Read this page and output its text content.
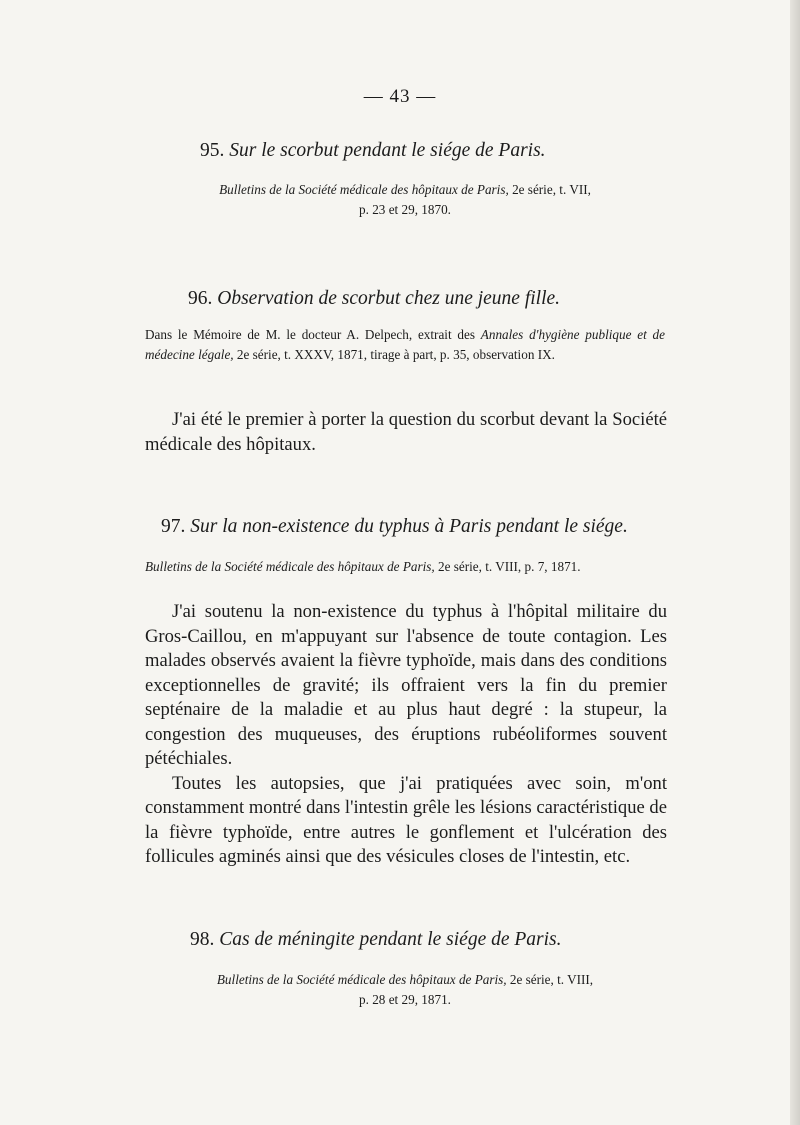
— 43 —

95. Sur le scorbut pendant le siége de Paris.

Bulletins de la Société médicale des hôpitaux de Paris, 2e série, t. VII,
p. 23 et 29, 1870.

96. Observation de scorbut chez une jeune fille.

Dans le Mémoire de M. le docteur A. Delpech, extrait des Annales d'hygiène publique et de médecine légale, 2e série, t. XXXV, 1871, tirage à part, p. 35, observation IX.

J'ai été le premier à porter la question du scorbut devant la Société médicale des hôpitaux.

97. Sur la non-existence du typhus à Paris pendant le siége.

Bulletins de la Société médicale des hôpitaux de Paris, 2e série, t. VIII, p. 7, 1871.

J'ai soutenu la non-existence du typhus à l'hôpital militaire du Gros-Caillou, en m'appuyant sur l'absence de toute contagion. Les malades observés avaient la fièvre typhoïde, mais dans des conditions exceptionnelles de gravité; ils offraient vers la fin du premier septénaire de la maladie et au plus haut degré : la stupeur, la congestion des muqueuses, des éruptions rubéoliformes souvent pétéchiales.

Toutes les autopsies, que j'ai pratiquées avec soin, m'ont constamment montré dans l'intestin grêle les lésions caractéristique de la fièvre typhoïde, entre autres le gonflement et l'ulcération des follicules agminés ainsi que des vésicules closes de l'intestin, etc.

98. Cas de méningite pendant le siége de Paris.

Bulletins de la Société médicale des hôpitaux de Paris, 2e série, t. VIII,
p. 28 et 29, 1871.
